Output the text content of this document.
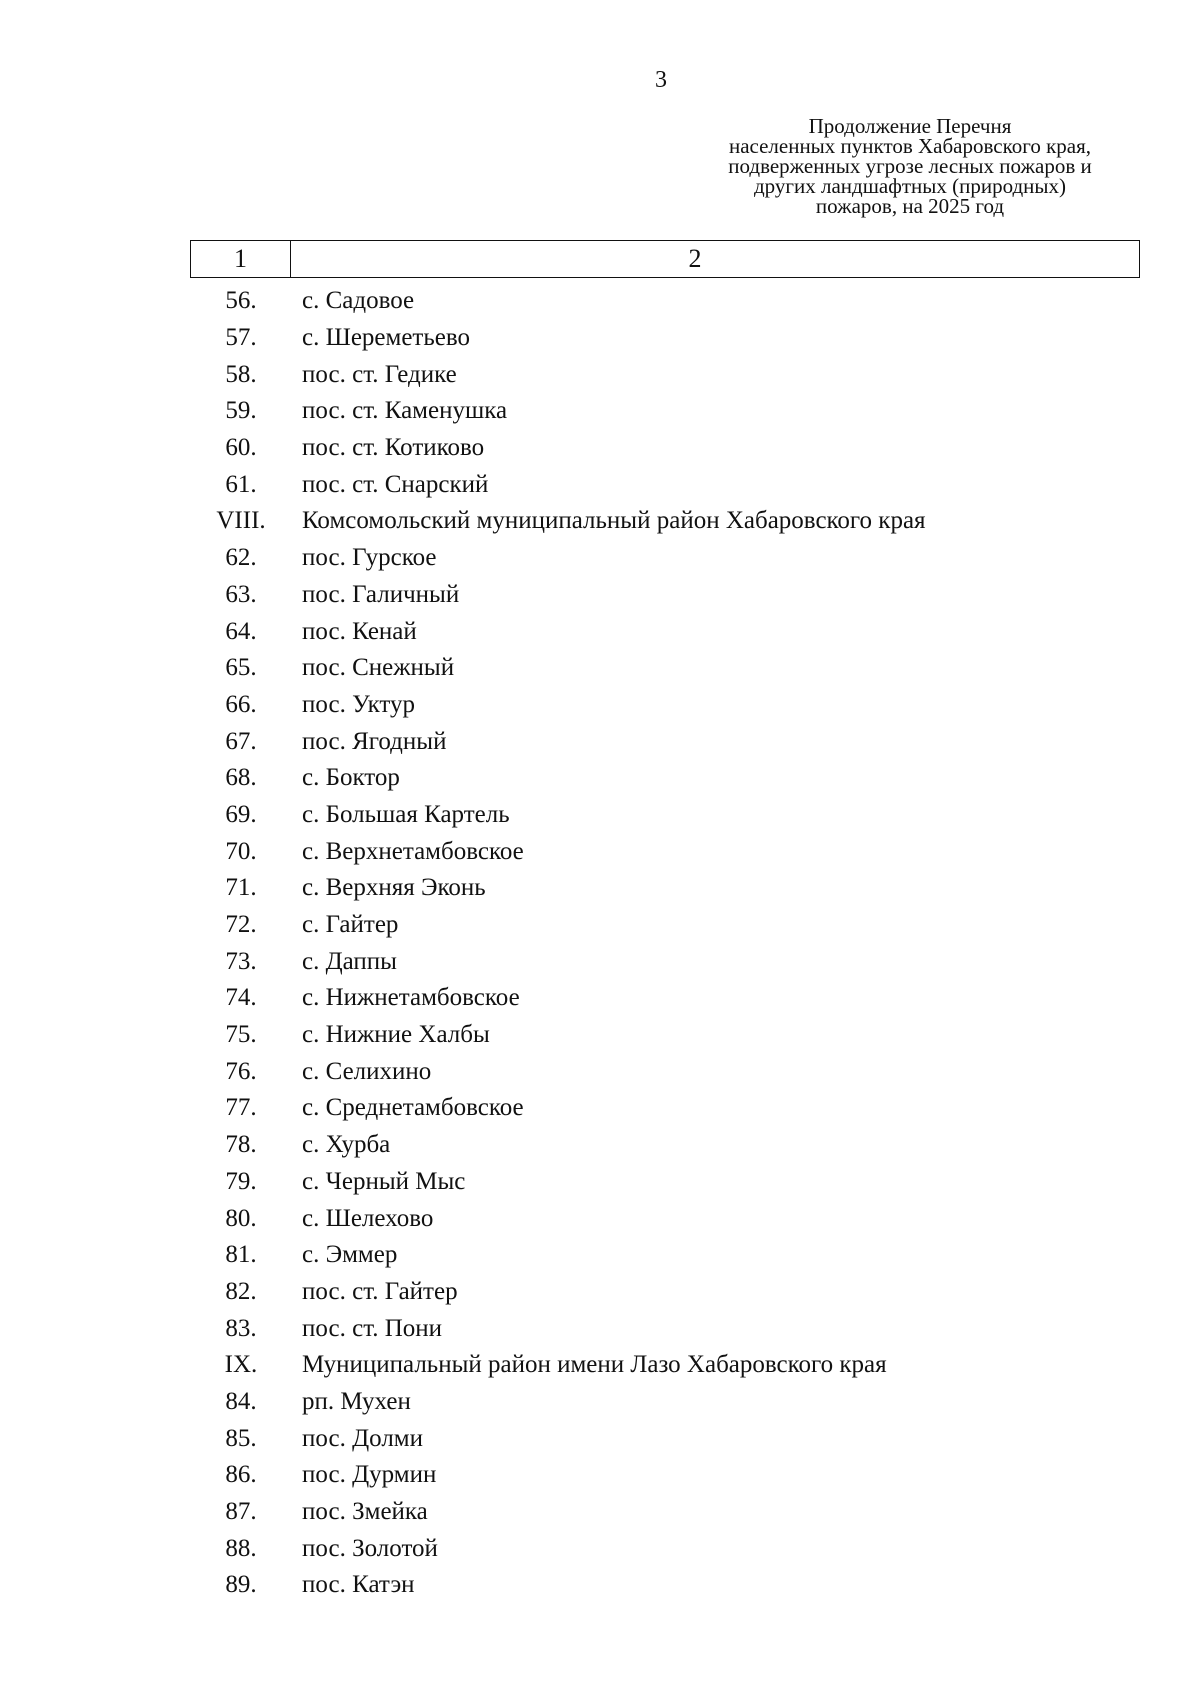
3
Продолжение Перечня
населенных пунктов Хабаровского края,
подверженных угрозе лесных пожаров и
других ландшафтных (природных)
пожаров, на 2025 год
1	2
56.	с. Садовое
57.	с. Шереметьево
58.	пос. ст. Гедике
59.	пос. ст. Каменушка
60.	пос. ст. Котиково
61.	пос. ст. Снарский
VIII.	Комсомольский муниципальный район Хабаровского края
62.	пос. Гурское
63.	пос. Галичный
64.	пос. Кенай
65.	пос. Снежный
66.	пос. Уктур
67.	пос. Ягодный
68.	с. Боктор
69.	с. Большая Картель
70.	с. Верхнетамбовское
71.	с. Верхняя Эконь
72.	с. Гайтер
73.	с. Даппы
74.	с. Нижнетамбовское
75.	с. Нижние Халбы
76.	с. Селихино
77.	с. Среднетамбовское
78.	с. Хурба
79.	с. Черный Мыс
80.	с. Шелехово
81.	с. Эммер
82.	пос. ст. Гайтер
83.	пос. ст. Пони
IX.	Муниципальный район имени Лазо Хабаровского края
84.	рп. Мухен
85.	пос. Долми
86.	пос. Дурмин
87.	пос. Змейка
88.	пос. Золотой
89.	пос. Катэн
